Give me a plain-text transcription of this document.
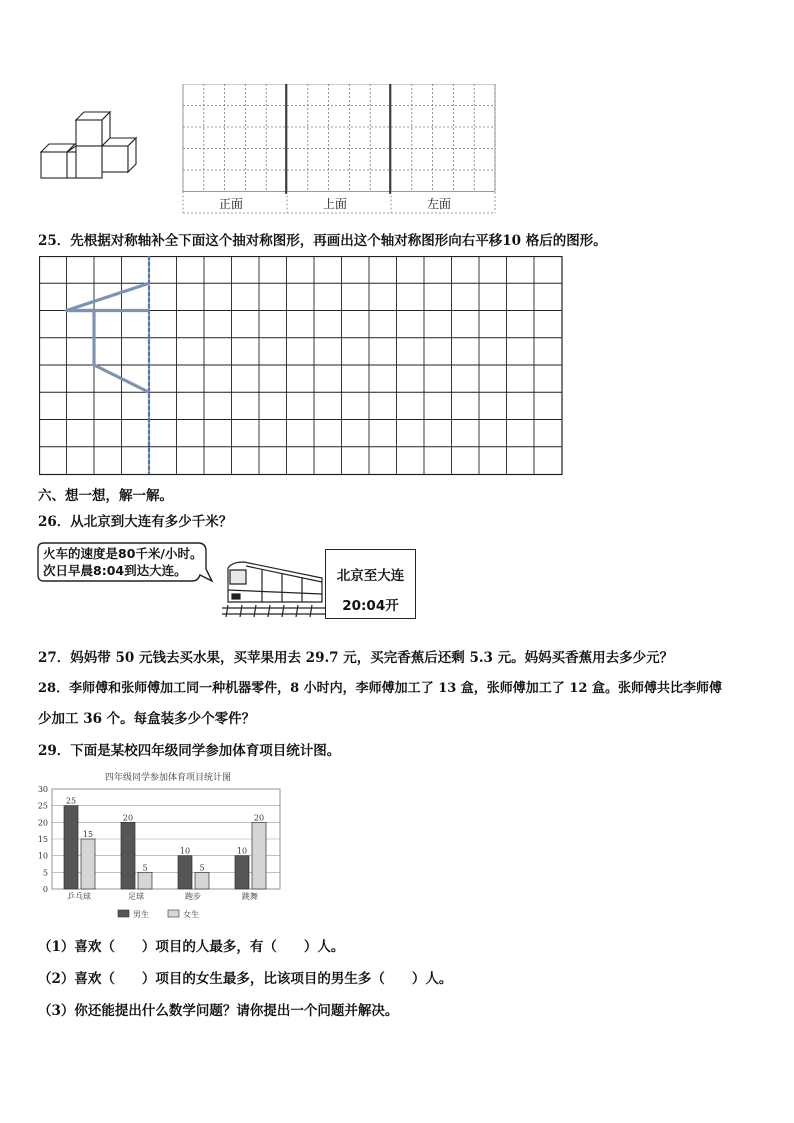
正面	上面	左面
25．先根据对称轴补全下面这个抽对称图形，再画出这个轴对称图形向右平移10 格后的图形。
六、想一想，解一解。
26．从北京到大连有多少千米？
火车的速度是80千米/小时。
次日早晨8:04到达大连。	北京至大连
20:04开
27．妈妈带 50 元钱去买水果，买苹果用去 29.7 元，买完香蕉后还剩 5.3 元。妈妈买香蕉用去多少元？
28．李师傅和张师傅加工同一种机器零件，8 小时内，李师傅加工了 13 盒，张师傅加工了 12 盒。张师傅共比李师傅
少加工 36 个。每盒装多少个零件？
29．下面是某校四年级同学参加体育项目统计图。
四年级同学参加体育项目统计图
0
5
10
15
20
25
30
25
15
乒乓球
20
5
足球
10
5
跑步
10
20
跳舞
男生	女生
（1）喜欢（　　）项目的人最多，有（　　）人。
（2）喜欢（　　）项目的女生最多，比该项目的男生多（　　）人。
（3）你还能提出什么数学问题？请你提出一个问题并解决。
